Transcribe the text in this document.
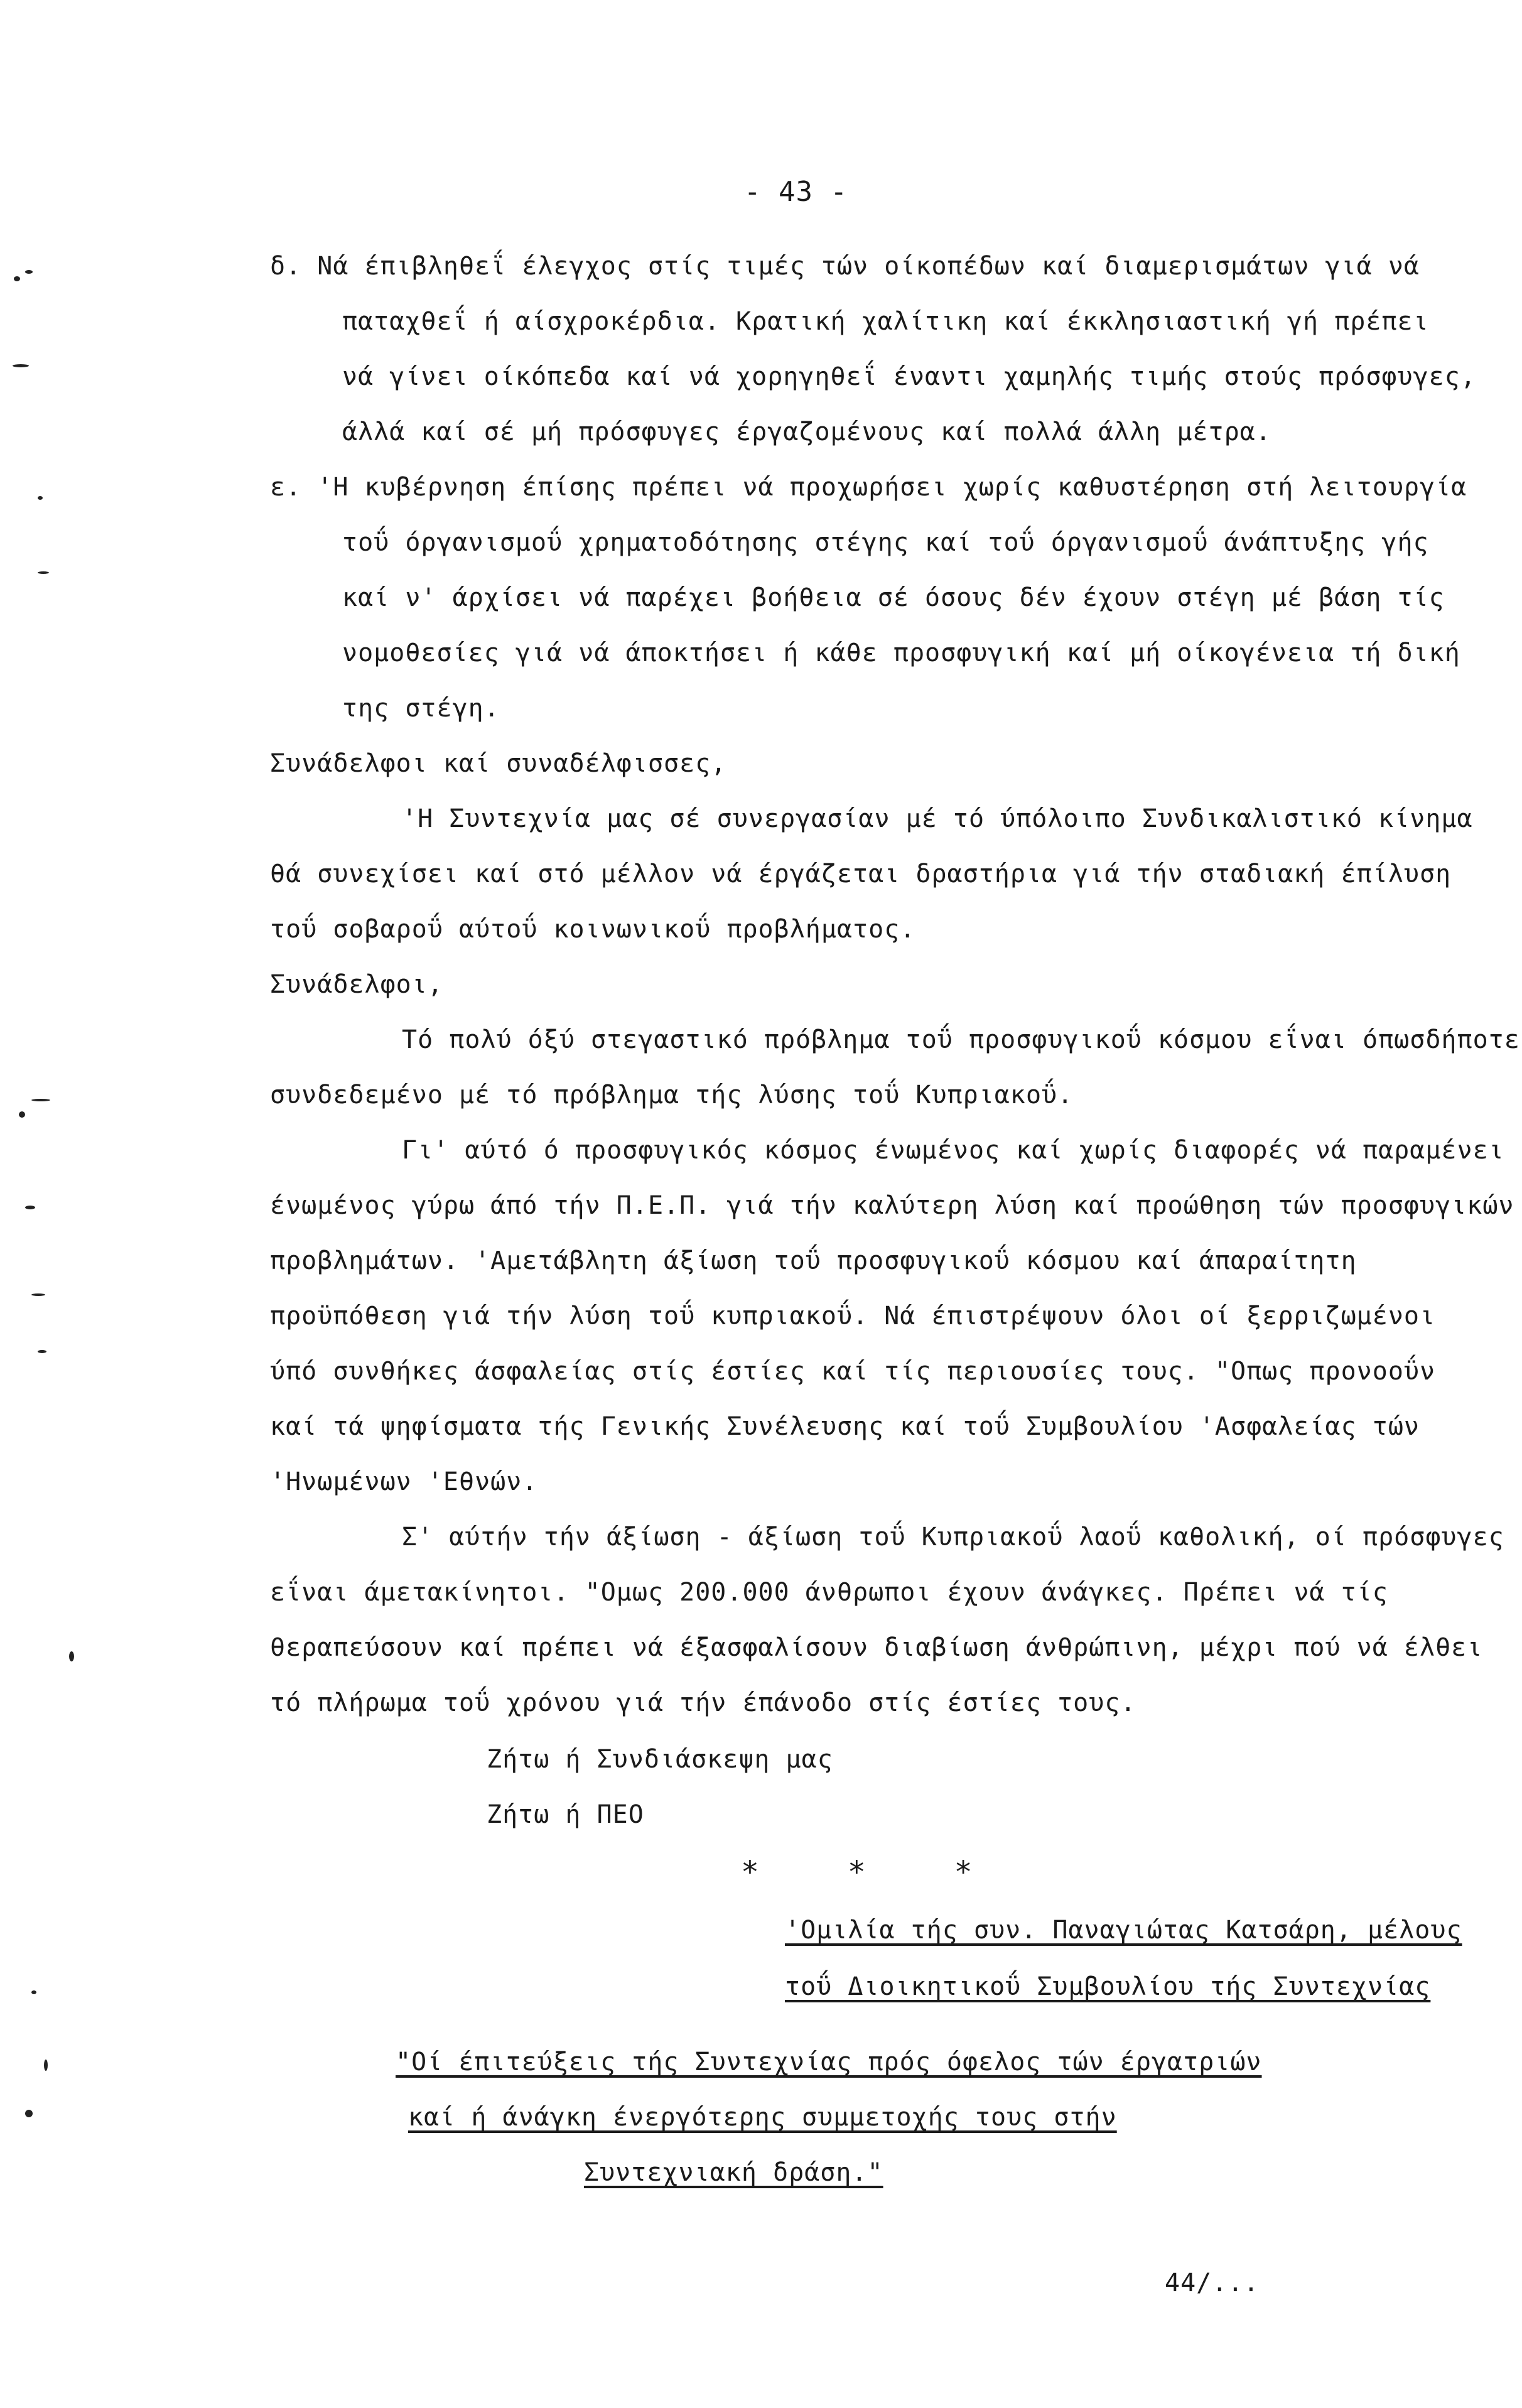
- 43 -
δ. Νά έπιβληθεΐ έλεγχος στίς τιμές τών οίκοπέδων καί διαμερισμάτων γιά νά
παταχθεΐ ή αίσχροκέρδια. Κρατική χαλίτικη καί έκκλησιαστική γή πρέπει
νά γίνει οίκόπεδα καί νά χορηγηθεΐ έναντι χαμηλής τιμής στούς πρόσφυγες,
άλλά καί σέ μή πρόσφυγες έργαζομένους καί πολλά άλλη μέτρα.
ε. 'Η κυβέρνηση έπίσης πρέπει νά προχωρήσει χωρίς καθυστέρηση στή λειτουργία
τοΰ όργανισμοΰ χρηματοδότησης στέγης καί τοΰ όργανισμοΰ άνάπτυξης γής
καί ν' άρχίσει νά παρέχει βοήθεια σέ όσους δέν έχουν στέγη μέ βάση τίς
νομοθεσίες γιά νά άποκτήσει ή κάθε προσφυγική καί μή οίκογένεια τή δική
της στέγη.
Συνάδελφοι καί συναδέλφισσες,
'Η Συντεχνία μας σέ συνεργασίαν μέ τό ύπόλοιπο Συνδικαλιστικό κίνημα
θά συνεχίσει καί στό μέλλον νά έργάζεται δραστήρια γιά τήν σταδιακή έπίλυση
τοΰ σοβαροΰ αύτοΰ κοινωνικοΰ προβλήματος.
Συνάδελφοι,
Τό πολύ όξύ στεγαστικό πρόβλημα τοΰ προσφυγικοΰ κόσμου εΐναι όπωσδήποτε
συνδεδεμένο μέ τό πρόβλημα τής λύσης τοΰ Κυπριακοΰ.
Γι' αύτό ό προσφυγικός κόσμος ένωμένος καί χωρίς διαφορές νά παραμένει
ένωμένος γύρω άπό τήν Π.Ε.Π. γιά τήν καλύτερη λύση καί προώθηση τών προσφυγικών
προβλημάτων. 'Αμετάβλητη άξίωση τοΰ προσφυγικοΰ κόσμου καί άπαραίτητη
προϋπόθεση γιά τήν λύση τοΰ κυπριακοΰ. Νά έπιστρέψουν όλοι οί ξερριζωμένοι
ύπό συνθήκες άσφαλείας στίς έστίες καί τίς περιουσίες τους. "Οπως προνοοΰν
καί τά ψηφίσματα τής Γενικής Συνέλευσης καί τοΰ Συμβουλίου 'Ασφαλείας τών
'Ηνωμένων 'Εθνών.
Σ' αύτήν τήν άξίωση - άξίωση τοΰ Κυπριακοΰ λαοΰ καθολική, οί πρόσφυγες
εΐναι άμετακίνητοι. "Ομως 200.000 άνθρωποι έχουν άνάγκες. Πρέπει νά τίς
θεραπεύσουν καί πρέπει νά έξασφαλίσουν διαβίωση άνθρώπινη, μέχρι πού νά έλθει
τό πλήρωμα τοΰ χρόνου γιά τήν έπάνοδο στίς έστίες τους.
Ζήτω ή Συνδιάσκεψη μας
Ζήτω ή ΠΕΟ
*	*	*
'Ομιλία τής συν. Παναγιώτας Κατσάρη, μέλους
τοΰ Διοικητικοΰ Συμβουλίου τής Συντεχνίας
"Οί έπιτεύξεις τής Συντεχνίας πρός όφελος τών έργατριών
καί ή άνάγκη ένεργότερης συμμετοχής τους στήν
Συντεχνιακή δράση."
44/...
